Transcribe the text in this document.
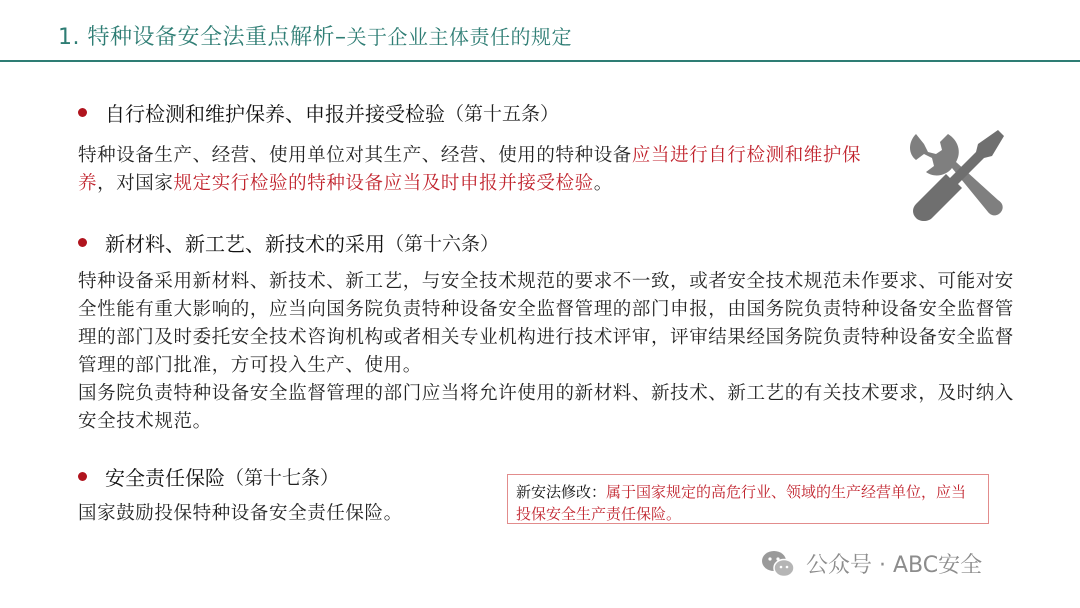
1. 特种设备安全法重点解析–关于企业主体责任的规定
自行检测和维护保养、申报并接受检验 （第十五条）
特种设备生产、经营、使用单位对其生产、经营、使用的特种设备应当进行自行检测和维护保养，对国家规定实行检验的特种设备应当及时申报并接受检验。
新材料、新工艺、新技术的采用 （第十六条）
特种设备采用新材料、新技术、新工艺，与安全技术规范的要求不一致，或者安全技术规范未作要求、可能对安全性能有重大影响的，应当向国务院负责特种设备安全监督管理的部门申报，由国务院负责特种设备安全监督管理的部门及时委托安全技术咨询机构或者相关专业机构进行技术评审，评审结果经国务院负责特种设备安全监督管理的部门批准，方可投入生产、使用。
国务院负责特种设备安全监督管理的部门应当将允许使用的新材料、新技术、新工艺的有关技术要求，及时纳入安全技术规范。
安全责任保险 （第十七条）
国家鼓励投保特种设备安全责任保险。
新安法修改：属于国家规定的高危行业、领域的生产经营单位，应当投保安全生产责任保险。
公众号 · ABC安全
